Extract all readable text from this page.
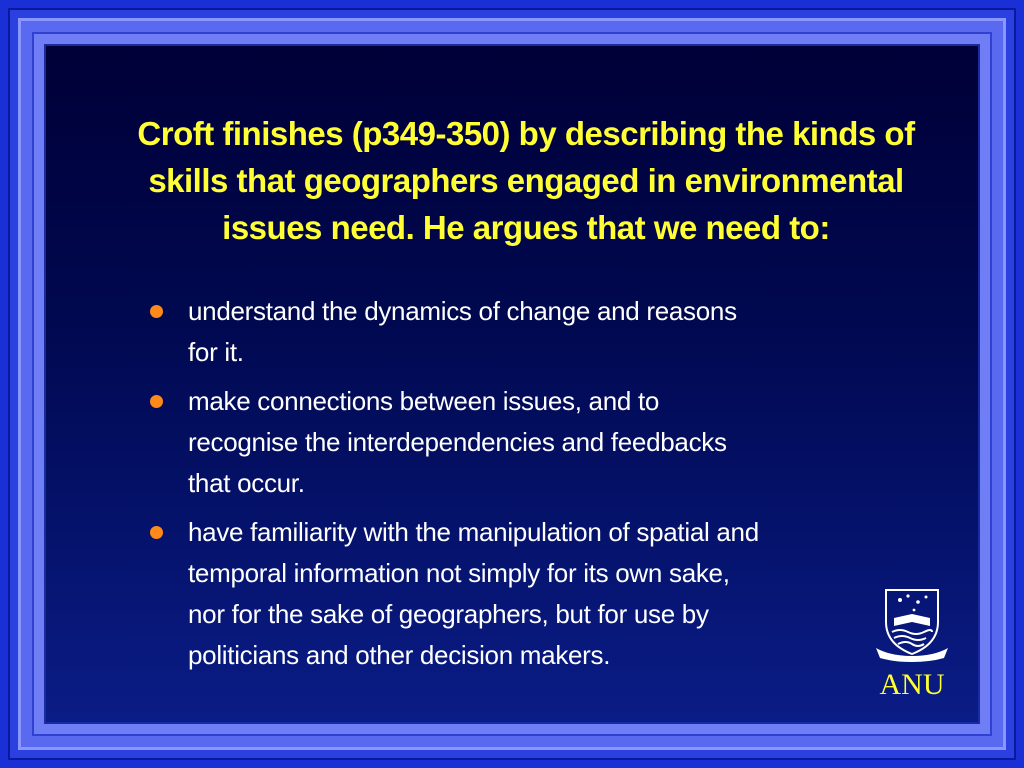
Croft finishes (p349-350) by describing the kinds of skills that geographers engaged in environmental issues need. He argues that we need to:
understand the dynamics of change and reasons for it.
make connections between issues, and to recognise the interdependencies and feedbacks that occur.
have familiarity with the manipulation of spatial and temporal information not simply for its own sake, nor for the sake of geographers, but for use by politicians and other decision makers.
ANU
